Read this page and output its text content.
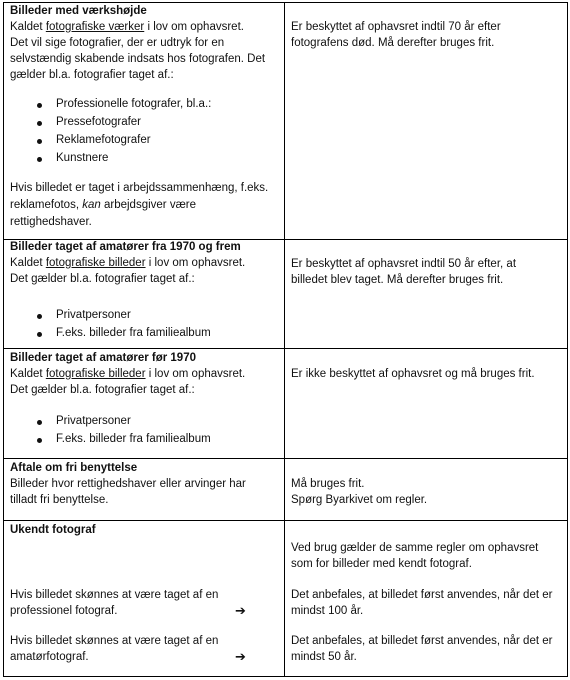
Billeder med værkshøjde
Kaldet fotografiske værker i lov om ophavsret.
Det vil sige fotografier, der er udtryk for en
selvstændig skabende indsats hos fotografen. Det
gælder bl.a. fotografier taget af.:
Professionelle fotografer, bl.a.:
Pressefotografer
Reklamefotografer
Kunstnere
Hvis billedet er taget i arbejdssammenhæng, f.eks.
reklamefotos, kan arbejdsgiver være
rettighedshaver.
Er beskyttet af ophavsret indtil 70 år efter
fotografens død. Må derefter bruges frit.
Billeder taget af amatører fra 1970 og frem
Kaldet fotografiske billeder i lov om ophavsret.
Det gælder bl.a. fotografier taget af.:
Privatpersoner
F.eks. billeder fra familiealbum
Er beskyttet af ophavsret indtil 50 år efter, at
billedet blev taget. Må derefter bruges frit.
Billeder taget af amatører før 1970
Kaldet fotografiske billeder i lov om ophavsret.
Det gælder bl.a. fotografier taget af.:
Privatpersoner
F.eks. billeder fra familiealbum
Er ikke beskyttet af ophavsret og må bruges frit.
Aftale om fri benyttelse
Billeder hvor rettighedshaver eller arvinger har
tilladt fri benyttelse.
Må bruges frit.
Spørg Byarkivet om regler.
Ukendt fotograf
Hvis billedet skønnes at være taget af en
professionel fotograf.	➔
Hvis billedet skønnes at være taget af en
amatørfotograf.	➔
Ved brug gælder de samme regler om ophavsret
som for billeder med kendt fotograf.
Det anbefales, at billedet først anvendes, når det er
mindst 100 år.
Det anbefales, at billedet først anvendes, når det er
mindst 50 år.
